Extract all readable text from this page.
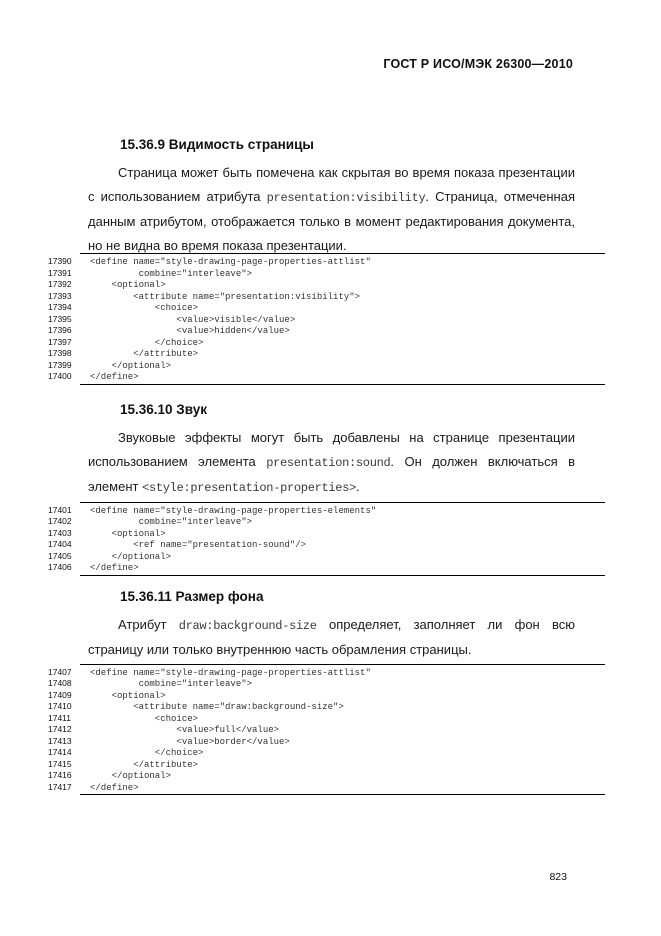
ГОСТ Р ИСО/МЭК 26300—2010
15.36.9 Видимость страницы

Страница может быть помечена как скрытая во время показа презентации с использованием атрибута presentation:visibility. Страница, отмеченная данным атрибутом, отображается только в момент редактирования документа, но не видна во время показа презентации.

17390	<define name="style-drawing-page-properties-attlist"
17391	combine="interleave">
17392	<optional>
17393	<attribute name="presentation:visibility">
17394	<choice>
17395	<value>visible</value>
17396	<value>hidden</value>
17397	</choice>
17398	</attribute>
17399	</optional>
17400	</define>
15.36.10 Звук

Звуковые эффекты могут быть добавлены на странице презентации использованием элемента presentation:sound. Он должен включаться в элемент <style:presentation-properties>.

17401	<define name="style-drawing-page-properties-elements"
17402	combine="interleave">
17403	<optional>
17404	<ref name="presentation-sound"/>
17405	</optional>
17406	</define>
15.36.11 Размер фона

Атрибут draw:background-size определяет, заполняет ли фон всю страницу или только внутреннюю часть обрамления страницы.

17407	<define name="style-drawing-page-properties-attlist"
17408	combine="interleave">
17409	<optional>
17410	<attribute name="draw:background-size">
17411	<choice>
17412	<value>full</value>
17413	<value>border</value>
17414	</choice>
17415	</attribute>
17416	</optional>
17417	</define>
823
